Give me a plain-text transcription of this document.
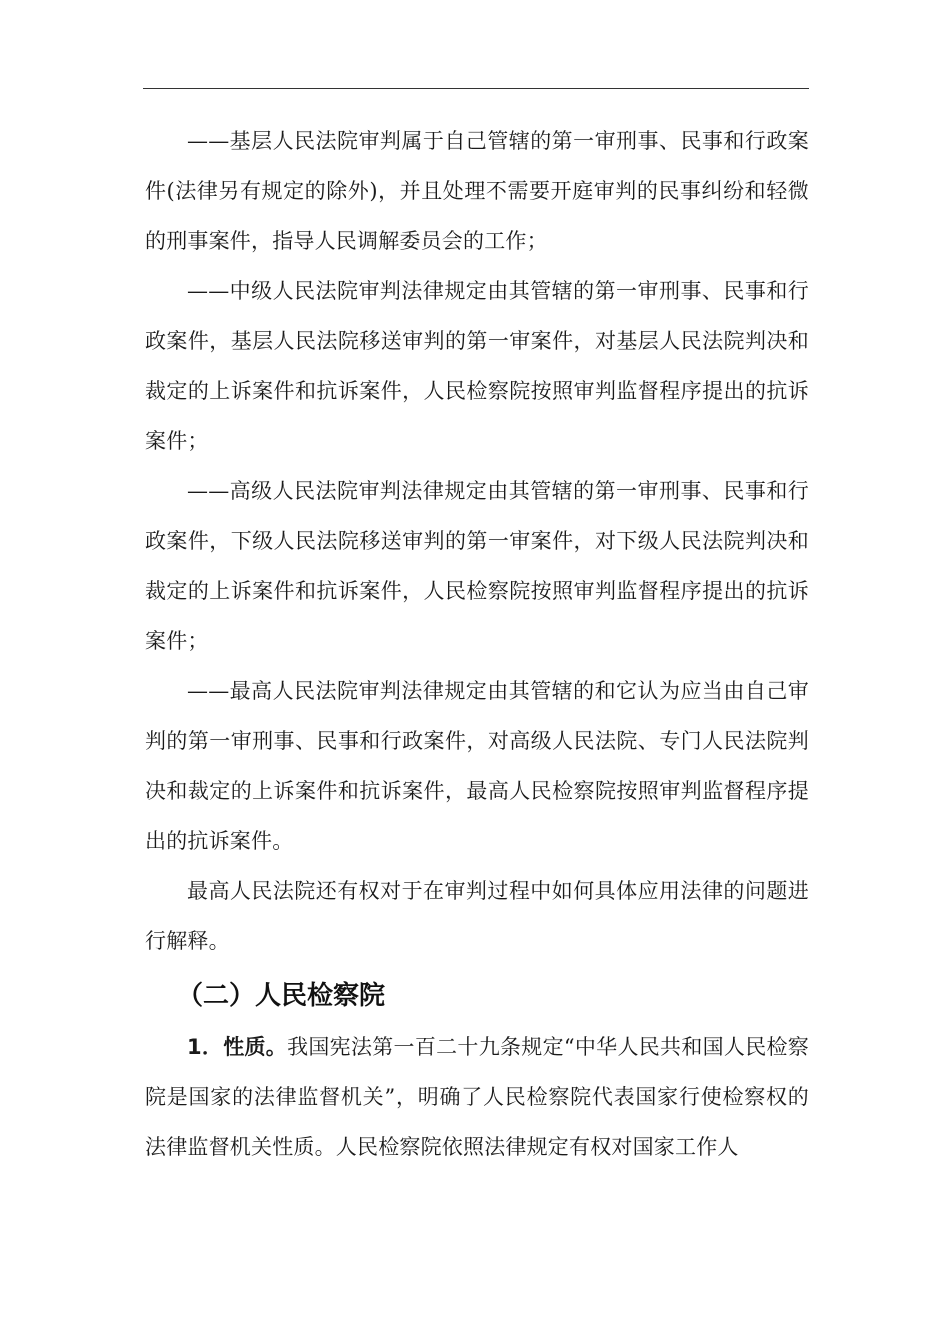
——基层人民法院审判属于自己管辖的第一审刑事、民事和行政案件(法律另有规定的除外)，并且处理不需要开庭审判的民事纠纷和轻微的刑事案件，指导人民调解委员会的工作；

——中级人民法院审判法律规定由其管辖的第一审刑事、民事和行政案件，基层人民法院移送审判的第一审案件，对基层人民法院判决和裁定的上诉案件和抗诉案件，人民检察院按照审判监督程序提出的抗诉案件；

——高级人民法院审判法律规定由其管辖的第一审刑事、民事和行政案件，下级人民法院移送审判的第一审案件，对下级人民法院判决和裁定的上诉案件和抗诉案件，人民检察院按照审判监督程序提出的抗诉案件；

——最高人民法院审判法律规定由其管辖的和它认为应当由自己审判的第一审刑事、民事和行政案件，对高级人民法院、专门人民法院判决和裁定的上诉案件和抗诉案件，最高人民检察院按照审判监督程序提出的抗诉案件。

最高人民法院还有权对于在审判过程中如何具体应用法律的问题进行解释。

（二）人民检察院

1．性质。我国宪法第一百二十九条规定“中华人民共和国人民检察院是国家的法律监督机关”，明确了人民检察院代表国家行使检察权的法律监督机关性质。人民检察院依照法律规定有权对国家工作人
